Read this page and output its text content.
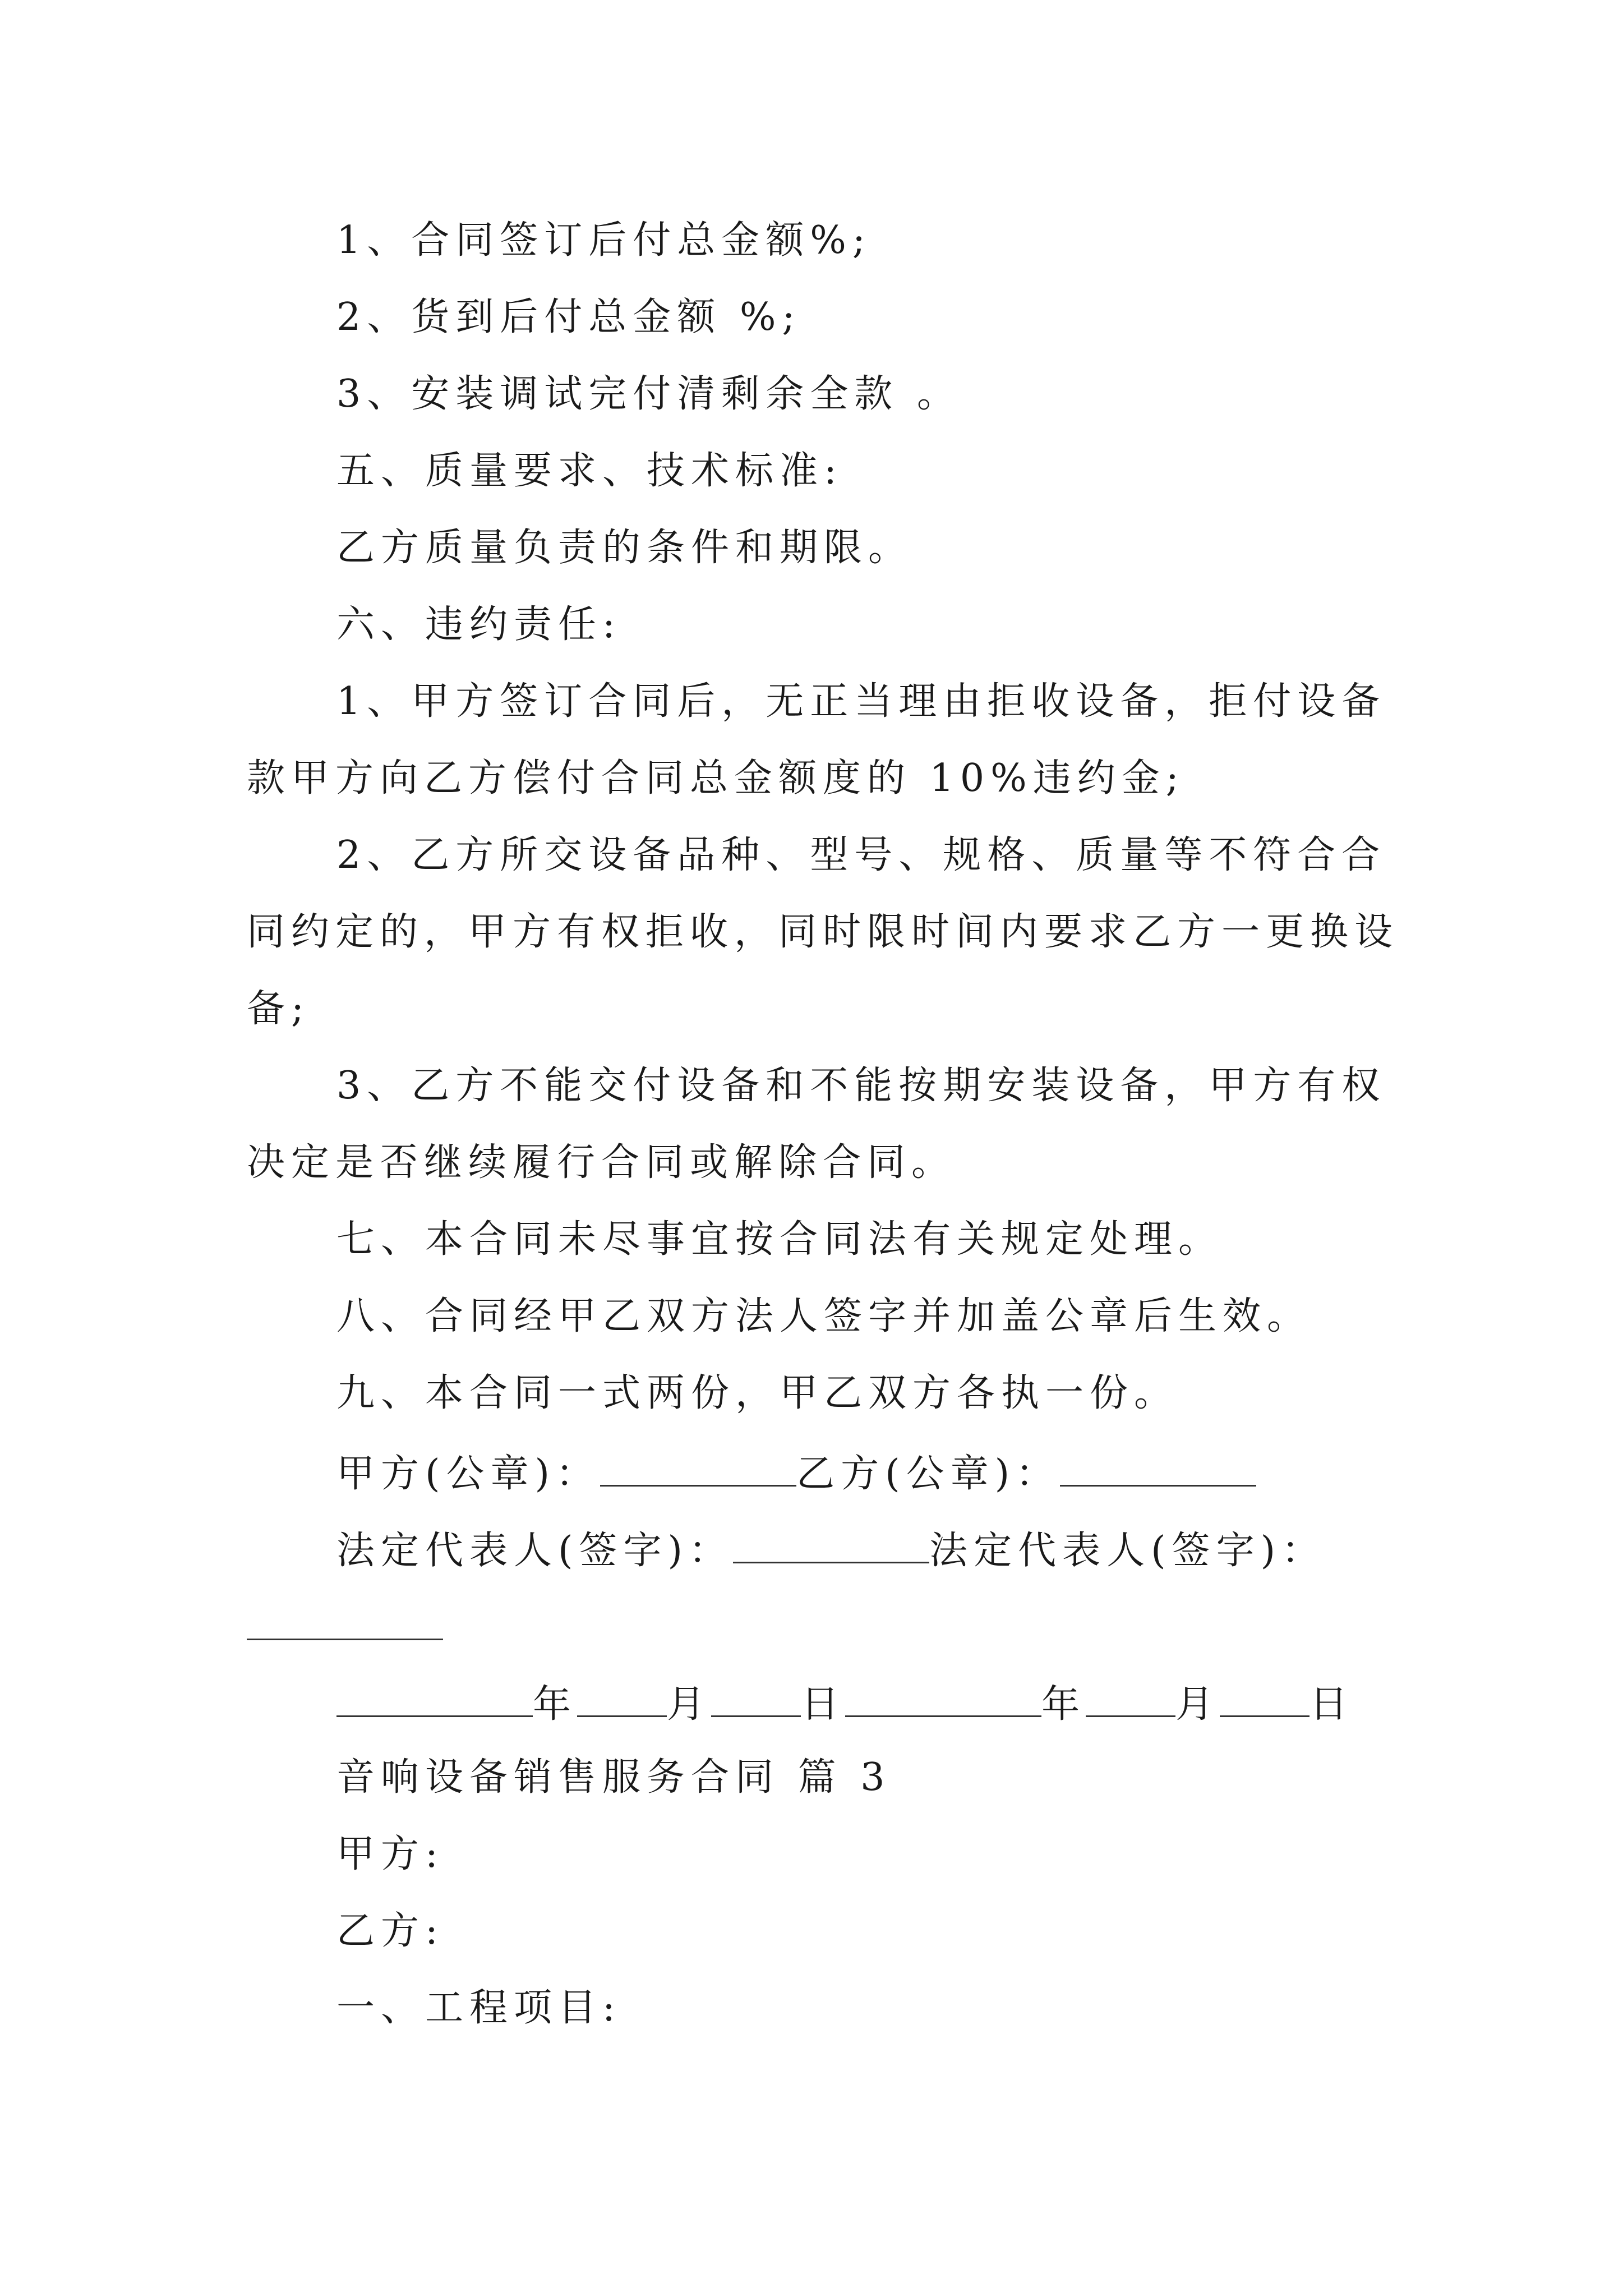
1、合同签订后付总金额%;
2、货到后付总金额 %;
3、安装调试完付清剩余全款 。
五、质量要求、技术标准:
乙方质量负责的条件和期限。
六、违约责任:
1、甲方签订合同后，无正当理由拒收设备，拒付设备
款甲方向乙方偿付合同总金额度的 10%违约金;
2、乙方所交设备品种、型号、规格、质量等不符合合
同约定的，甲方有权拒收，同时限时间内要求乙方一更换设
备;
3、乙方不能交付设备和不能按期安装设备，甲方有权
决定是否继续履行合同或解除合同。
七、本合同未尽事宜按合同法有关规定处理。
八、合同经甲乙双方法人签字并加盖公章后生效。
九、本合同一式两份，甲乙双方各执一份。
甲方(公章)：	乙方(公章)：
法定代表人(签字)：	法定代表人(签字)：
年 月 日	年 月 日
音响设备销售服务合同 篇 3
甲方:
乙方:
一、工程项目:
